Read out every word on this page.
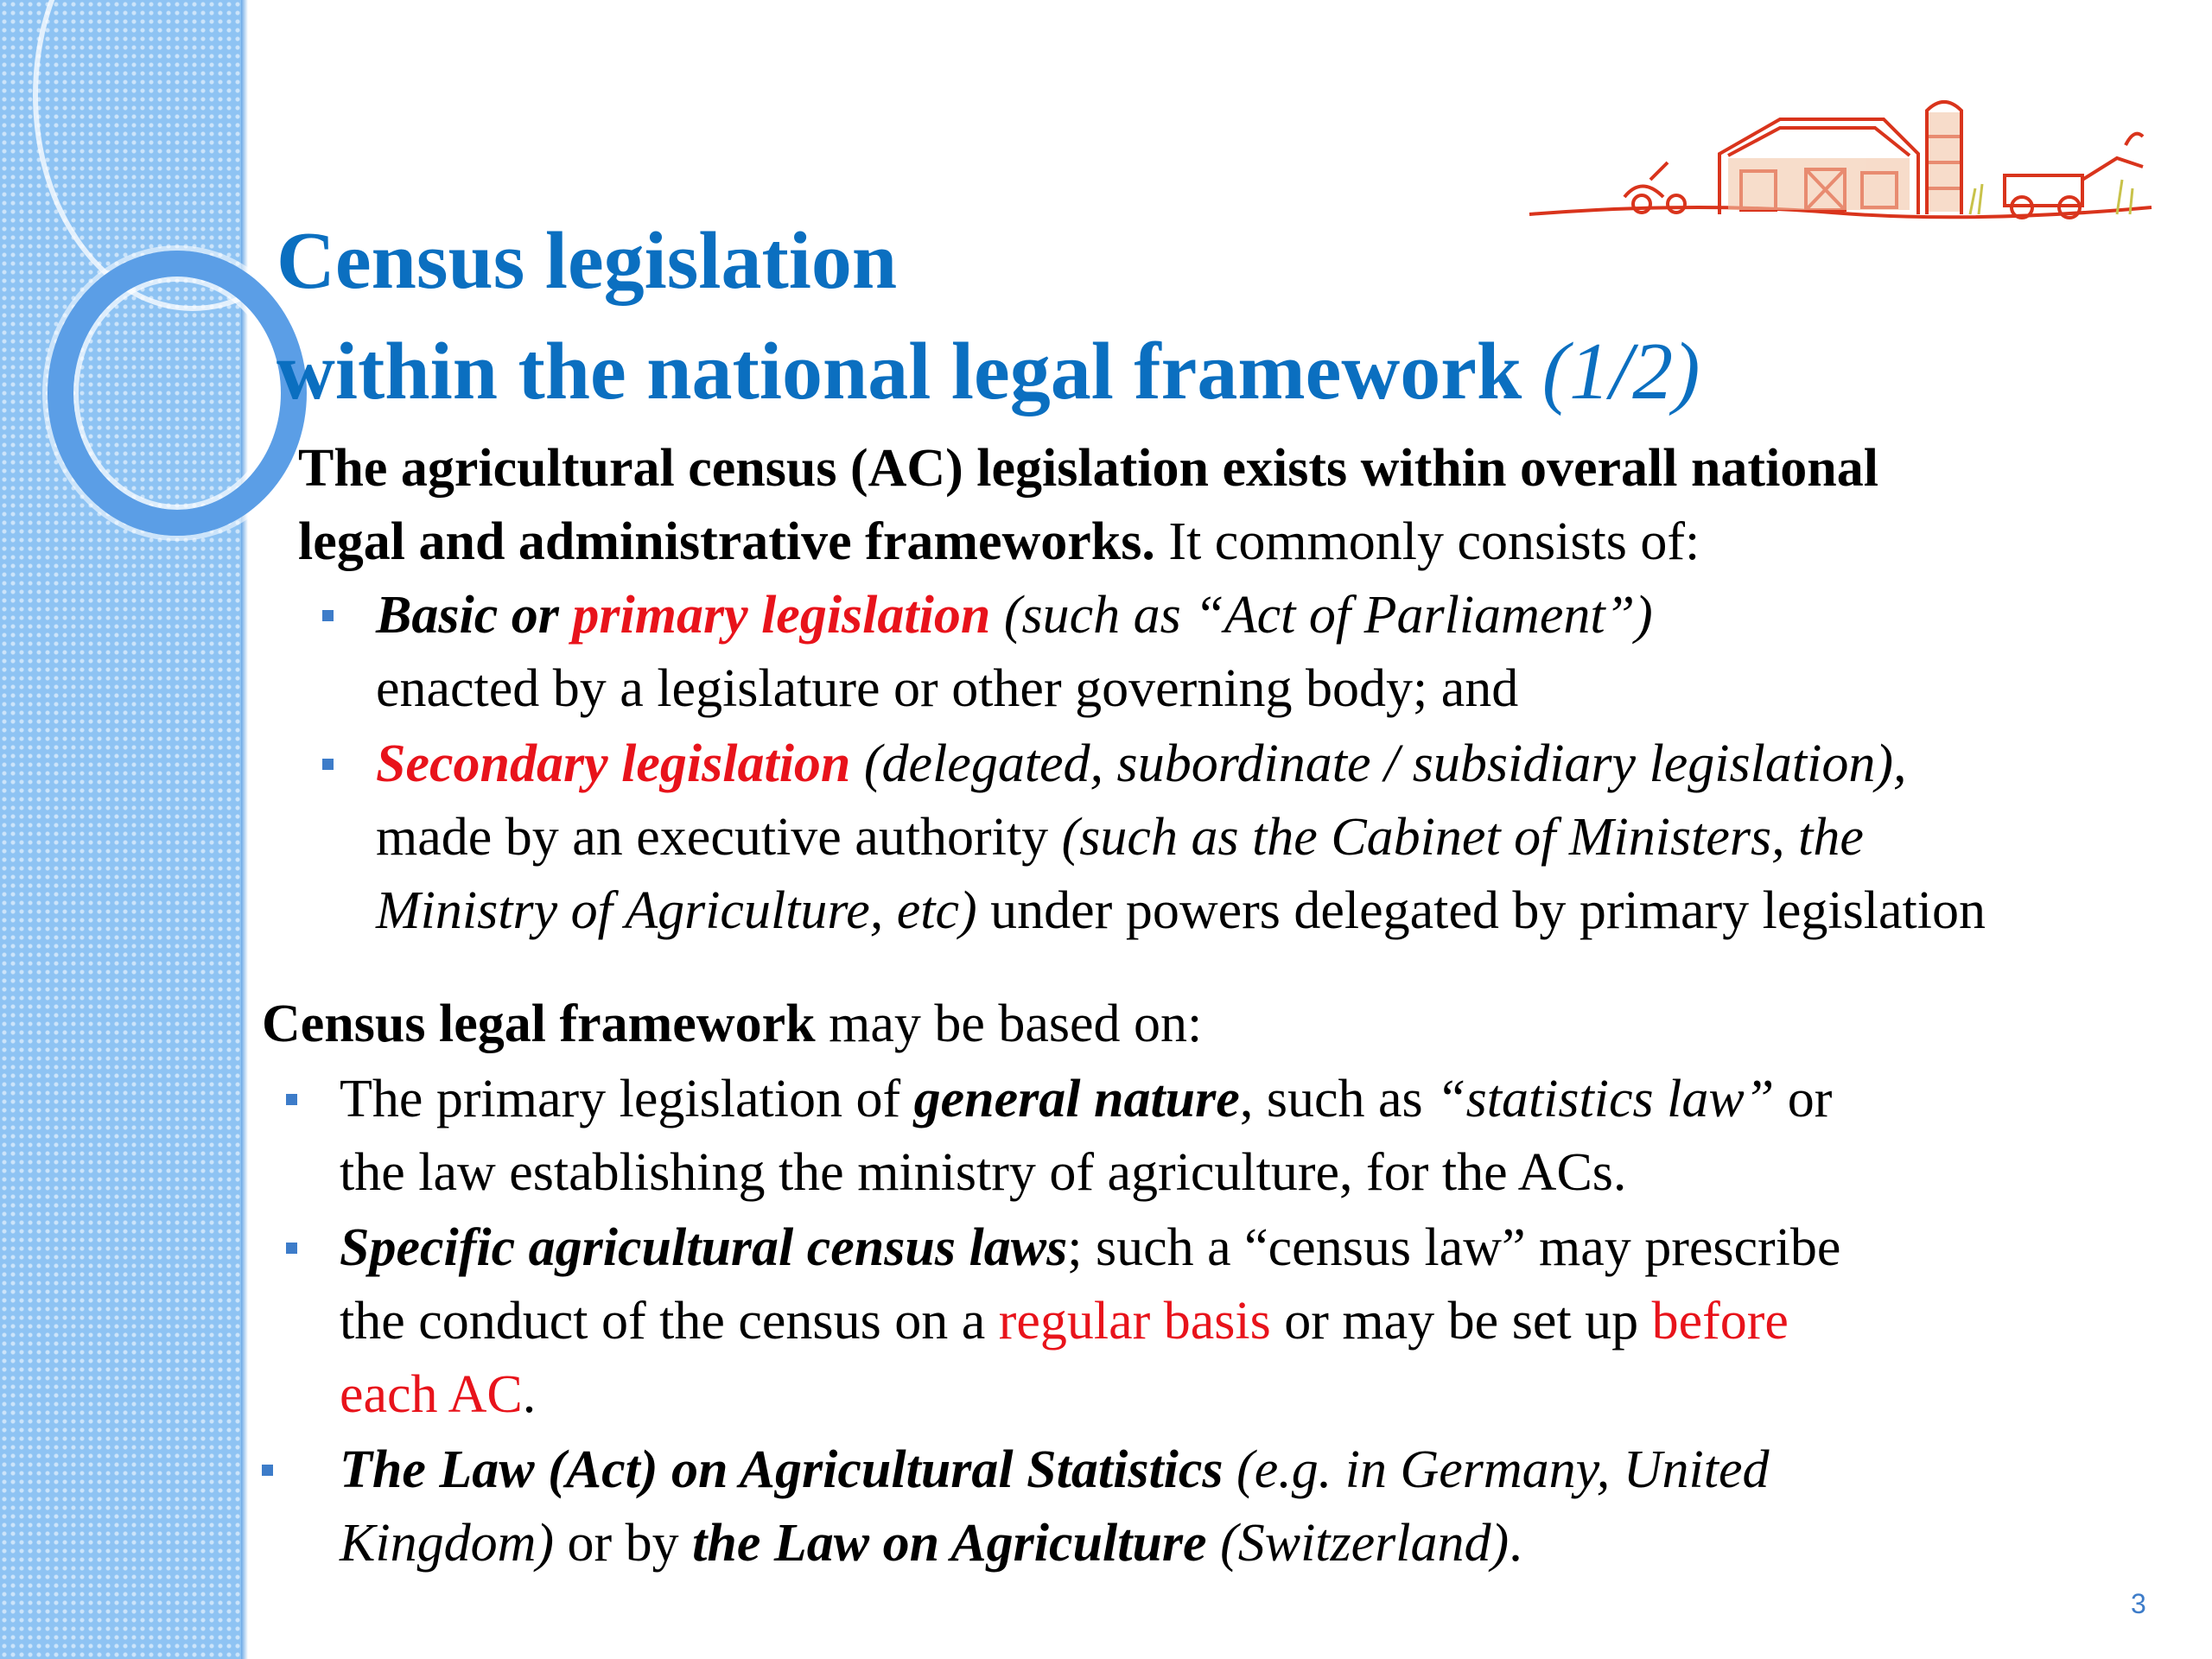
Census legislation
within the national legal framework (1/2)
The agricultural census (AC) legislation exists within overall national
legal and administrative frameworks. It commonly consists of:
Basic or primary legislation (such as “Act of Parliament”)
enacted by a legislature or other governing body; and
Secondary legislation (delegated, subordinate / subsidiary legislation),
made by an executive authority (such as the Cabinet of Ministers, the
Ministry of Agriculture, etc) under powers delegated by primary legislation
Census legal framework may be based on:
The primary legislation of general nature, such as “statistics law” or
the law establishing the ministry of agriculture, for the ACs.
Specific agricultural census laws; such a “census law” may prescribe
the conduct of the census on a regular basis or may be set up before
each AC.
The Law (Act) on Agricultural Statistics (e.g. in Germany, United
Kingdom) or by the Law on Agriculture (Switzerland).
3
